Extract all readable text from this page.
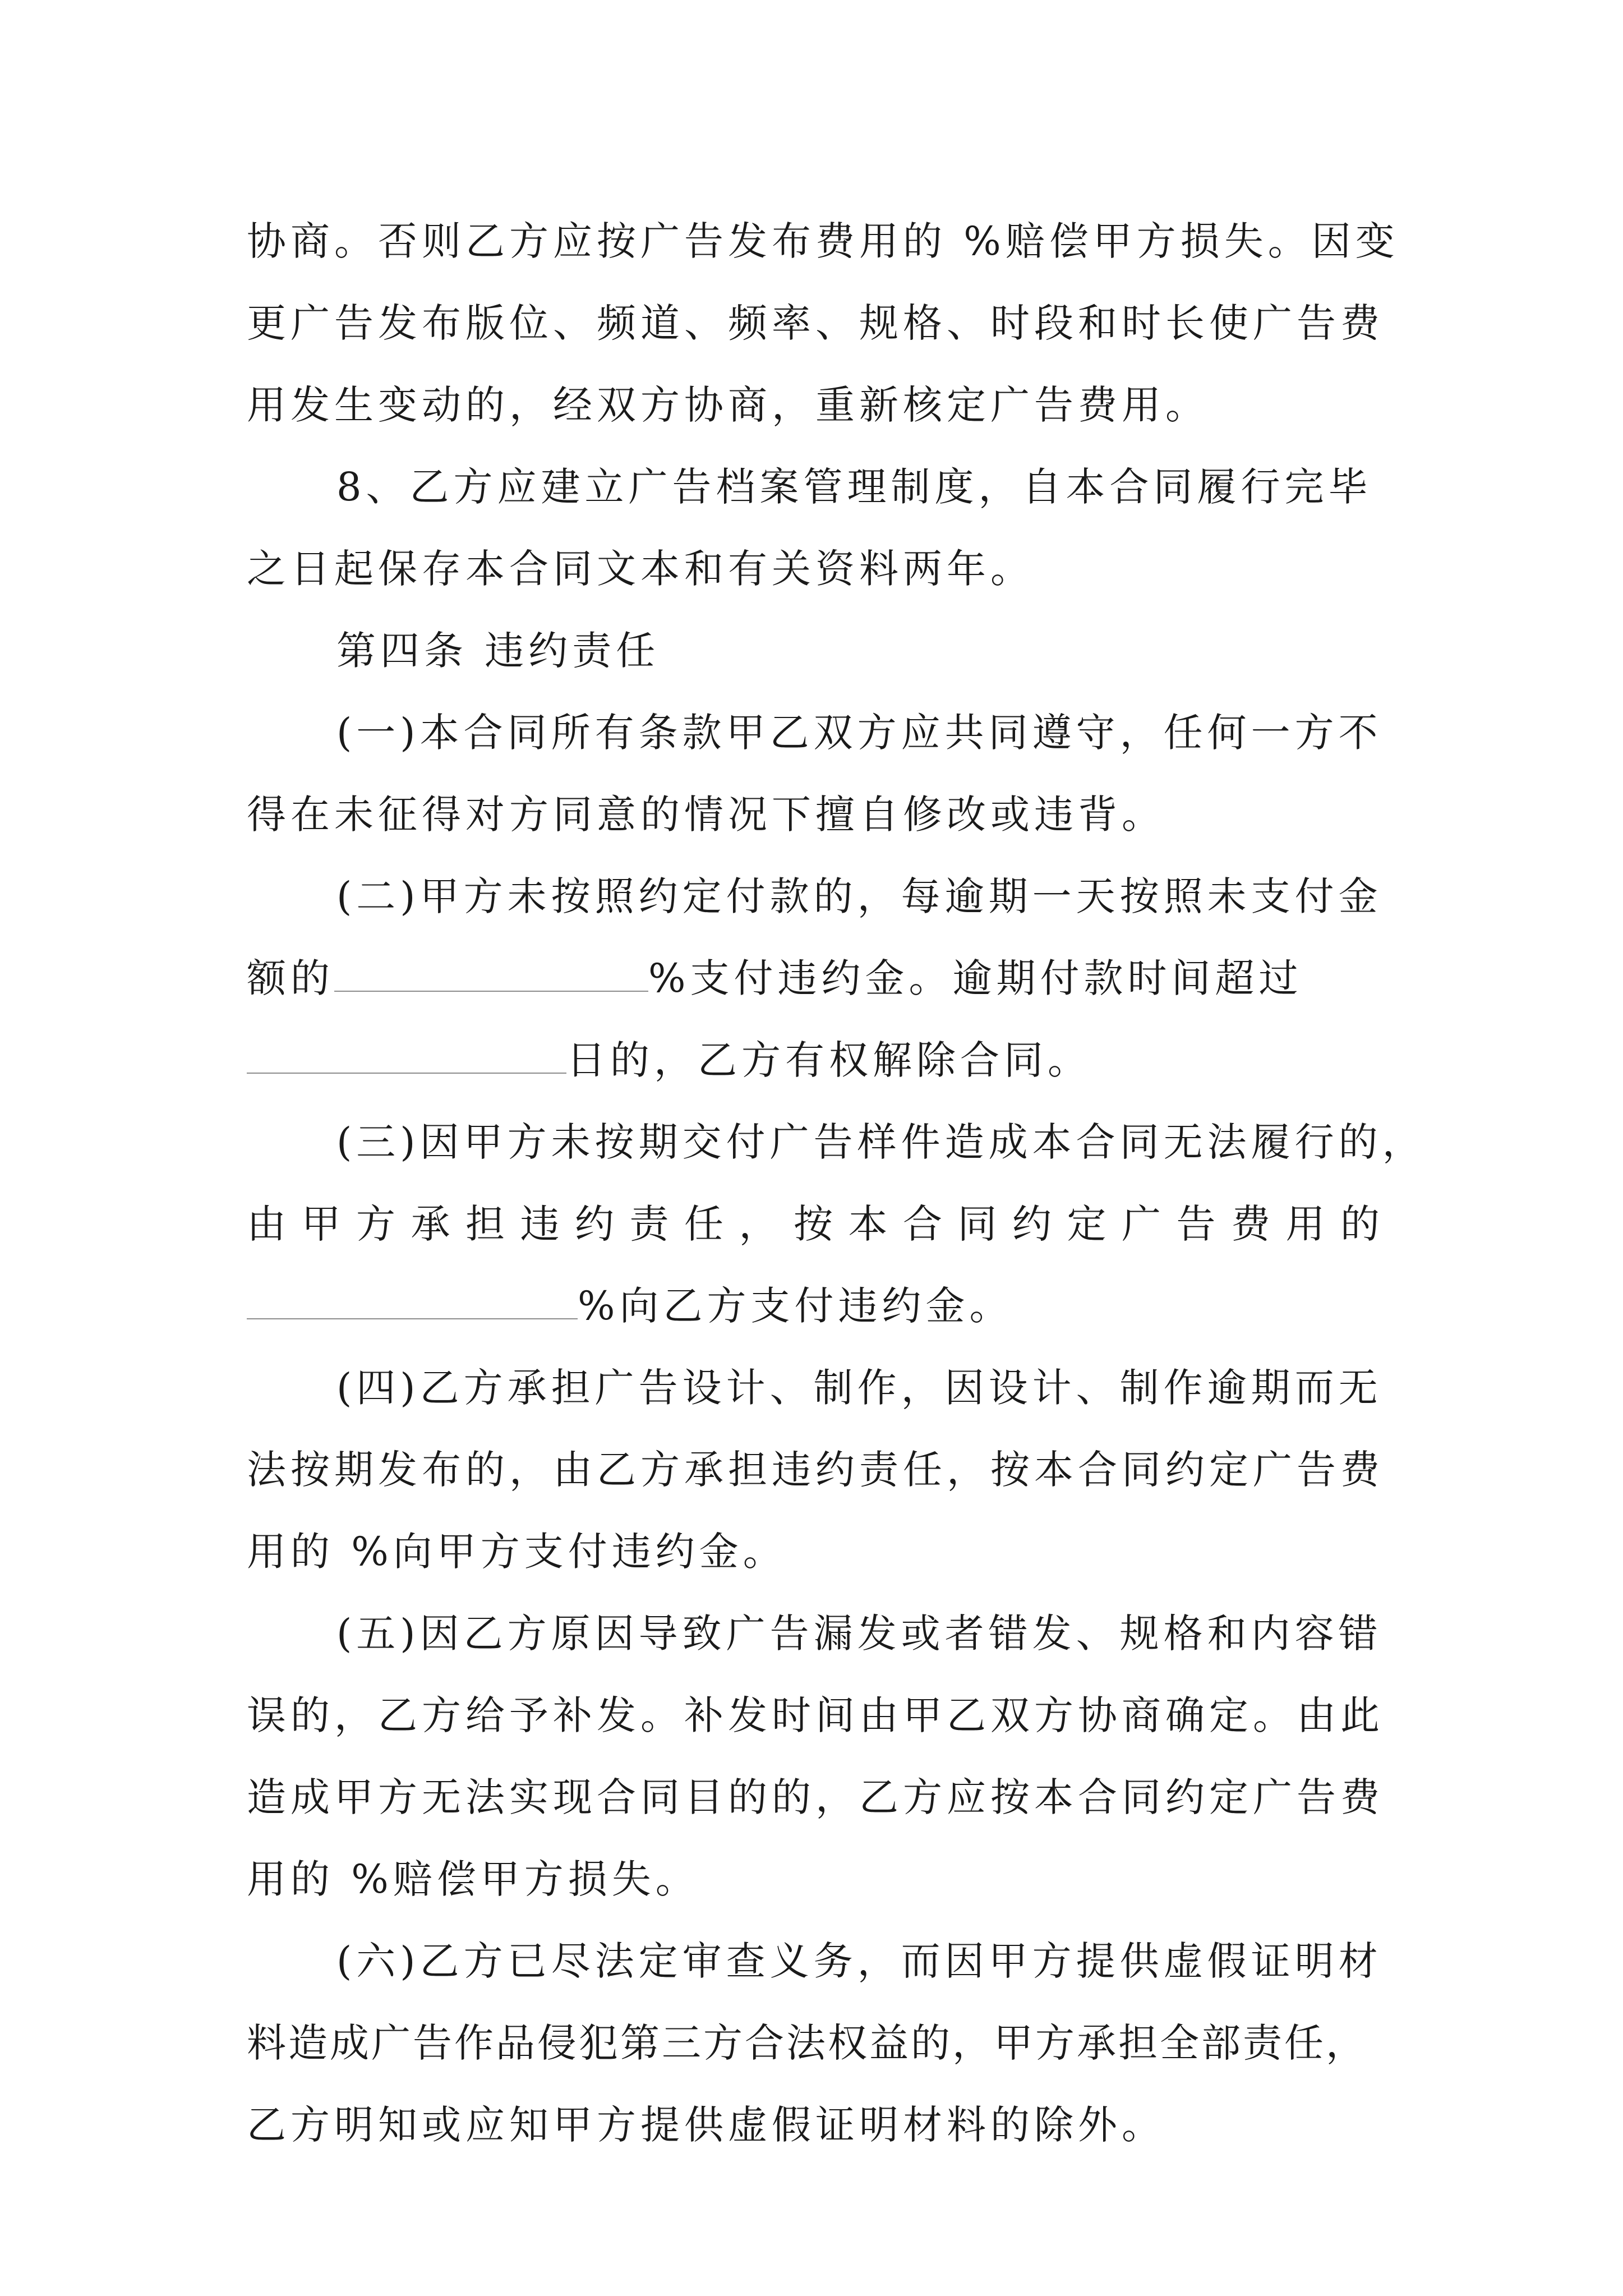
协商。否则乙方应按广告发布费用的 %赔偿甲方损失。因变
更广告发布版位、频道、频率、规格、时段和时长使广告费
用发生变动的，经双方协商，重新核定广告费用。
8、乙方应建立广告档案管理制度，自本合同履行完毕
之日起保存本合同文本和有关资料两年。
第四条 违约责任
(一)本合同所有条款甲乙双方应共同遵守，任何一方不
得在未征得对方同意的情况下擅自修改或违背。
(二)甲方未按照约定付款的，每逾期一天按照未支付金
额的	%支付违约金。逾期付款时间超过
日的，乙方有权解除合同。
(三)因甲方未按期交付广告样件造成本合同无法履行的，
由甲方承担违约责任，按本合同约定广告费用的
%向乙方支付违约金。
(四)乙方承担广告设计、制作，因设计、制作逾期而无
法按期发布的，由乙方承担违约责任，按本合同约定广告费
用的 %向甲方支付违约金。
(五)因乙方原因导致广告漏发或者错发、规格和内容错
误的，乙方给予补发。补发时间由甲乙双方协商确定。由此
造成甲方无法实现合同目的的，乙方应按本合同约定广告费
用的 %赔偿甲方损失。
(六)乙方已尽法定审查义务，而因甲方提供虚假证明材
料造成广告作品侵犯第三方合法权益的，甲方承担全部责任，
乙方明知或应知甲方提供虚假证明材料的除外。
